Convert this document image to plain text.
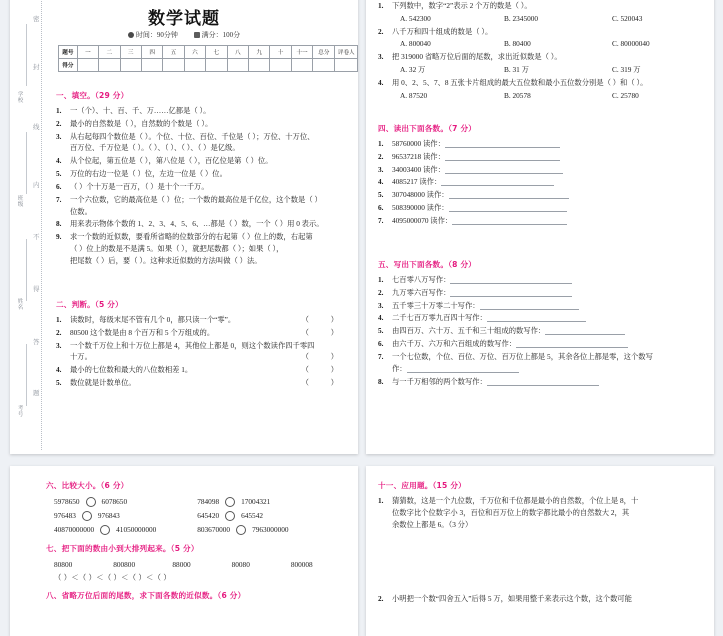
密
封
线
内
不
得
答
题
学校
班级
姓名
考号
数学试题
时间：90分钟	满分：100分
题号	一	二	三	四	五	六	七	八	九	十	十一	总分	评卷人
得分													
一、填空。（29 分）
1. 一（个）、十、百、千、万……亿都是（ ）。
2. 最小的自然数是（ ），自然数的个数是（ ）。
3. 从右起每四个数位是（ ）。个位、十位、百位、千位是（ ）；万位、十万位、
百万位、千万位是（ ）。（ ）、（ ）、（ ）、（ ）是亿级。
4. 从个位起，第五位是（ ），第八位是（ ），百亿位是第（ ）位。
5. 万位的右边一位是（ ）位，左边一位是（ ）位。
6. （ ）个十万是一百万，（ ）是十个一千万。
7. 一个六位数，它的最高位是（ ）位；一个数的最高位是千亿位，这个数是（ ）
位数。
8. 用来表示物体个数的 1、2、3、4、5、6、…都是（ ）数，一个（ ）用 0 表示。
9. 求一个数的近似数，要看所省略的位数部分的右起第（ ）位上的数，右起第
（ ）位上的数是不是满 5。如果（ ），就把尾数都（ ）；如果（ ），
把尾数（ ）后，要（ ）。这种求近似数的方法叫做（ ）法。
二、判断。（5 分）
（ ）
1. 读数时，每级末尾不管有几个 0，都只读一个“零”。
（ ）
2. 80500 这个数是由 8 个百万和 5 个万组成的。
3. 一个数千万位上和十万位上都是 4，其他位上都是 0，则这个数读作四千零四
（ ）
十万。
（ ）
4. 最小的七位数和最大的八位数相差 1。
（ ）
5. 数位就是计数单位。
1. 下列数中，数字“2”表示 2 个万的数是（ ）。
A. 542300	B. 2345000	C. 520043
2. 八千万和四十组成的数是（ ）。
A. 800040	B. 80400	C. 80000040
3. 把 319000 省略万位后面的尾数，求出近似数是（ ）。
A. 32 万	B. 31 万	C. 319 万
4. 用 0、2、5、7、8 五张卡片组成的最大五位数和最小五位数分别是（ ）和（ ）。
A. 87520	B. 20578	C. 25780
四、读出下面各数。（7 分）
1. 58760000 读作：
2. 96537218 读作：
3. 34003400 读作：
4. 4085217 读作：
5. 307048000 读作：
6. 508390000 读作：
7. 4095000070 读作：
五、写出下面各数。（8 分）
1. 七百零八万写作：
2. 九万零六百写作：
3. 五千零三十万零二十写作：
4. 二千七百万零九百四十写作：
5. 由四百万、六十万、五千和三十组成的数写作：
6. 由六千万、六万和六百组成的数写作：
7. 一个七位数，个位、百位、万位、百万位上都是 5，其余各位上都是零，这个数写
作：
8. 与一千万相邻的两个数写作：
六、比较大小。（6 分）
5978650	6078650	784098	17004321
976483	976843	645420	645542
40870000000	41050000000	803670000	7963000000
七、把下面的数由小到大排列起来。（5 分）
80800	800800	88000	80080	800008
（ ）＜（ ）＜（ ）＜（ ）＜（ ）
八、省略万位后面的尾数，求下面各数的近似数。（6 分）
十一、应用题。（15 分）
1. 猜猜数，这是一个九位数，千万位和千位都是最小的自然数，个位上是 8，十
位数字比个位数字小 3，百位和百万位上的数字都比最小的自然数大 2，其
余数位上都是 6。（3 分）
2. 小明把一个数“四舍五入”后得 5 万，如果用整千来表示这个数，这个数可能
